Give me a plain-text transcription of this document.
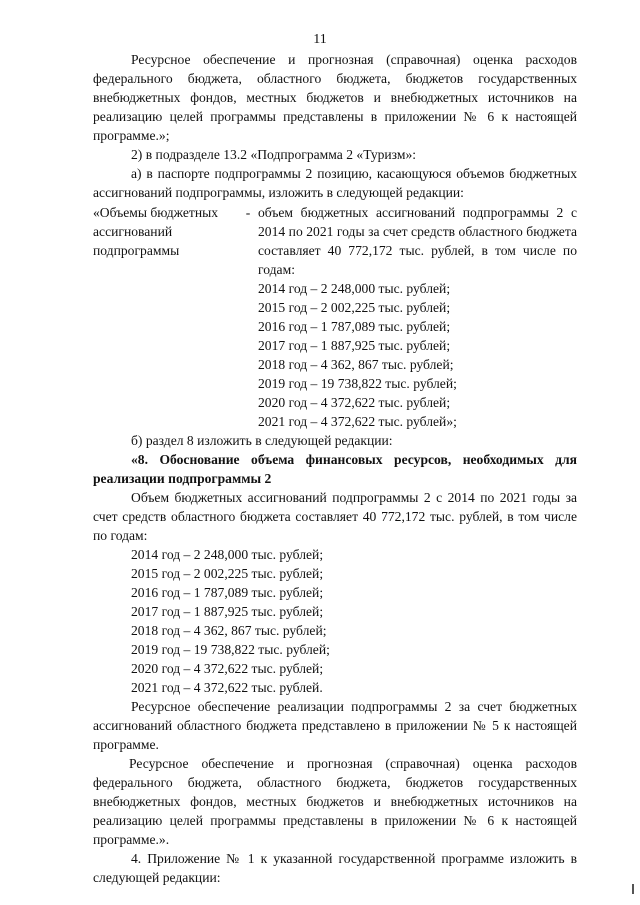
11

Ресурсное обеспечение и прогнозная (справочная) оценка расходов федерального бюджета, областного бюджета, бюджетов государственных внебюджетных фондов, местных бюджетов и внебюджетных источников на реализацию целей программы представлены в приложении № 6 к настоящей программе.»;

2) в подразделе 13.2 «Подпрограмма 2 «Туризм»:

а) в паспорте подпрограммы 2 позицию, касающуюся объемов бюджетных ассигнований подпрограммы, изложить в следующей редакции:

«Объемы бюджетных ассигнований подпрограммы
- объем бюджетных ассигнований подпрограммы 2 с 2014 по 2021 годы за счет средств областного бюджета составляет 40 772,172 тыс. рублей, в том числе по годам:

2014 год – 2 248,000 тыс. рублей;

2015 год – 2 002,225 тыс. рублей;

2016 год – 1 787,089 тыс. рублей;

2017 год – 1 887,925 тыс. рублей;

2018 год – 4 362, 867 тыс. рублей;

2019 год – 19 738,822 тыс. рублей;

2020 год – 4 372,622 тыс. рублей;

2021 год – 4 372,622 тыс. рублей»;

б) раздел 8 изложить в следующей редакции:

«8. Обоснование объема финансовых ресурсов, необходимых для реализации подпрограммы 2

Объем бюджетных ассигнований подпрограммы 2 с 2014 по 2021 годы за счет средств областного бюджета составляет 40 772,172 тыс. рублей, в том числе по годам:

2014 год – 2 248,000 тыс. рублей;

2015 год – 2 002,225 тыс. рублей;

2016 год – 1 787,089 тыс. рублей;

2017 год – 1 887,925 тыс. рублей;

2018 год – 4 362, 867 тыс. рублей;

2019 год – 19 738,822 тыс. рублей;

2020 год – 4 372,622 тыс. рублей;

2021 год – 4 372,622 тыс. рублей.

Ресурсное обеспечение реализации подпрограммы 2 за счет бюджетных ассигнований областного бюджета представлено в приложении № 5 к настоящей программе.

Ресурсное обеспечение и прогнозная (справочная) оценка расходов федерального бюджета, областного бюджета, бюджетов государственных внебюджетных фондов, местных бюджетов и внебюджетных источников на реализацию целей программы представлены в приложении № 6 к настоящей программе.».

4. Приложение № 1 к указанной государственной программе изложить в следующей редакции:
